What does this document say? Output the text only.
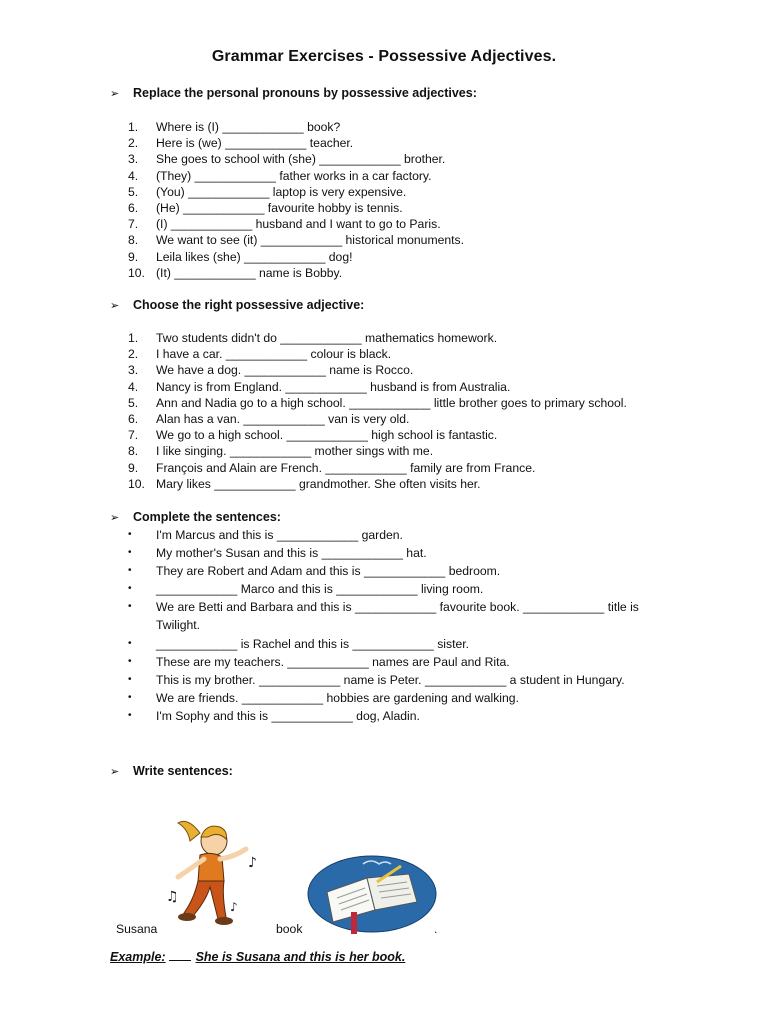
Grammar Exercises - Possessive Adjectives.
➢	Replace the personal pronouns by possessive adjectives:
1.	Where is (I) ____________ book?
2.	Here is (we) ____________ teacher.
3.	She goes to school with (she) ____________ brother.
4.	(They) ____________ father works in a car factory.
5.	(You) ____________ laptop is very expensive.
6.	(He) ____________ favourite hobby is tennis.
7.	(I) ____________ husband and I want to go to Paris.
8.	We want to see (it) ____________ historical monuments.
9.	Leila likes (she) ____________ dog!
10. (It) ____________ name is Bobby.
➢	Choose the right possessive adjective:
1.	Two students didn't do ____________ mathematics homework.
2.	I have a car. ____________ colour is black.
3.	We have a dog. ____________ name is Rocco.
4.	Nancy is from England. ____________ husband is from Australia.
5.	Ann and Nadia go to a high school. ____________ little brother goes to primary school.
6.	Alan has a van. ____________ van is very old.
7.	We go to a high school. ____________ high school is fantastic.
8.	I like singing. ____________ mother sings with me.
9.	François and Alain are French. ____________ family are from France.
10. Mary likes ____________ grandmother. She often visits her.
➢	Complete the sentences:
•	I'm Marcus and this is ____________ garden.
•	My mother's Susan and this is ____________ hat.
•	They are Robert and Adam and this is ____________ bedroom.
•	____________ Marco and this is ____________ living room.
•	We are Betti and Barbara and this is ____________ favourite book. ____________ title is Twilight.
•	____________ is Rachel and this is ____________ sister.
•	These are my teachers. ____________ names are Paul and Rita.
•	This is my brother. ____________ name is Peter. ____________ a student in Hungary.
•	We are friends. ____________ hobbies are gardening and walking.
•	I'm Sophy and this is ____________ dog, Aladin.
➢	Write sentences:
♪
♫
♪
Susana	book	.
Example: She is Susana and this is her book.
